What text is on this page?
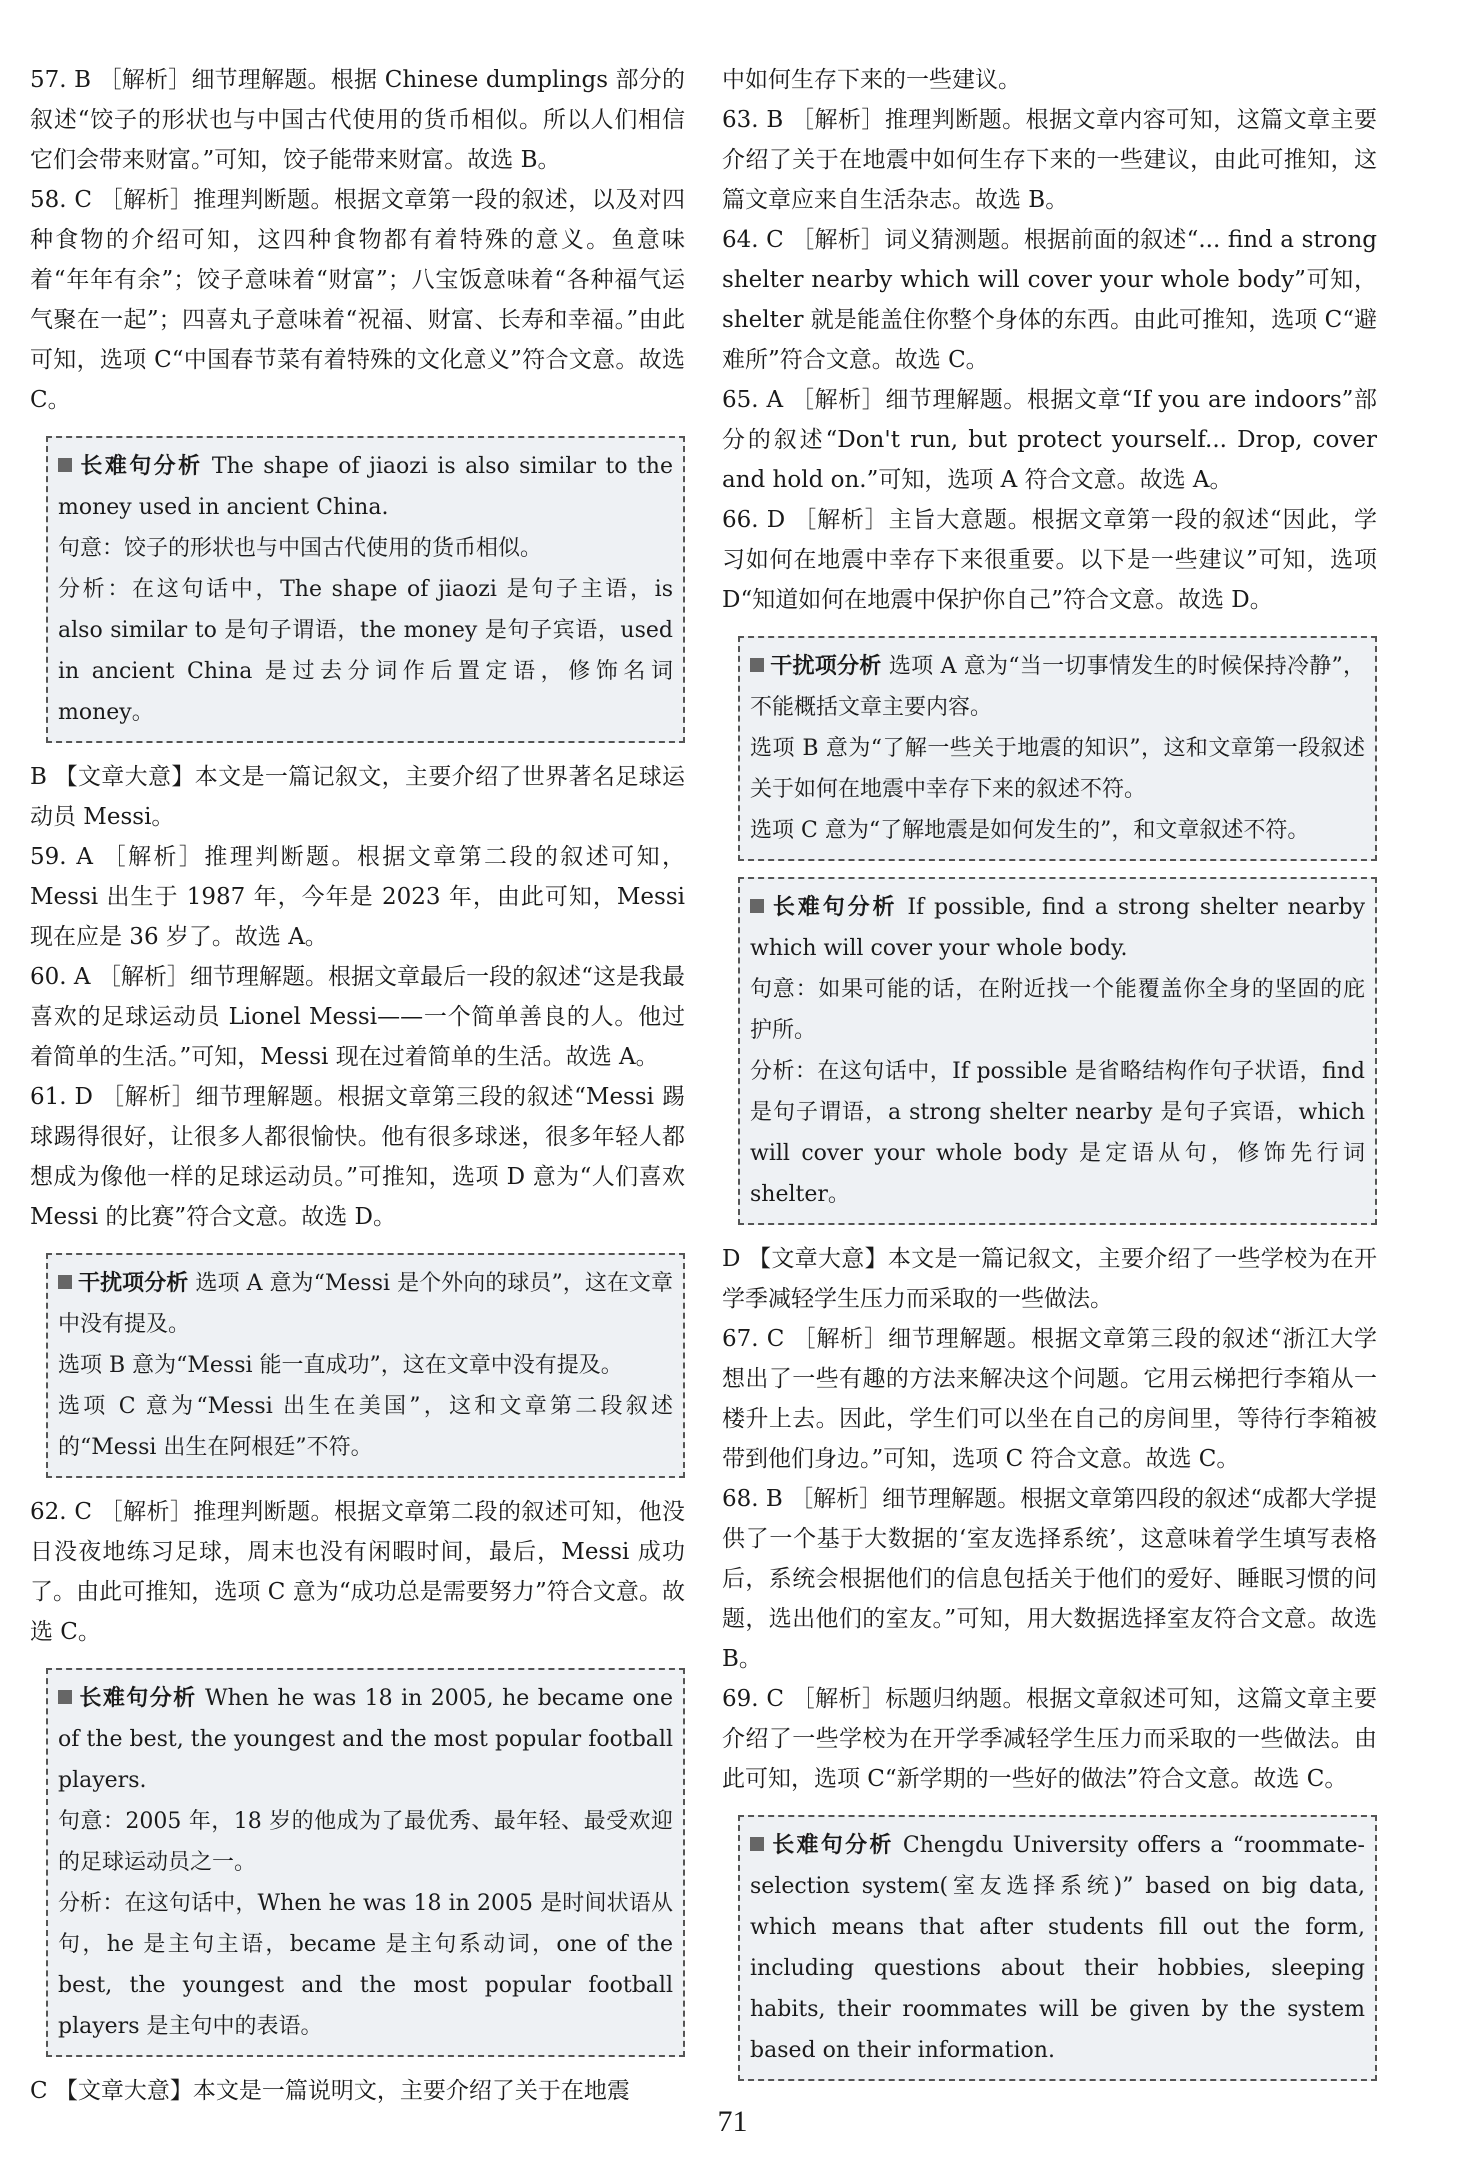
57. B ［解析］细节理解题。根据 Chinese dumplings 部分的叙述“饺子的形状也与中国古代使用的货币相似。所以人们相信它们会带来财富。”可知，饺子能带来财富。故选 B。

58. C ［解析］推理判断题。根据文章第一段的叙述，以及对四种食物的介绍可知，这四种食物都有着特殊的意义。鱼意味着“年年有余”；饺子意味着“财富”；八宝饭意味着“各种福气运气聚在一起”；四喜丸子意味着“祝福、财富、长寿和幸福。”由此可知，选项 C“中国春节菜有着特殊的文化意义”符合文意。故选 C。

长难句分析 The shape of jiaozi is also similar to the money used in ancient China.

句意：饺子的形状也与中国古代使用的货币相似。

分析：在这句话中，The shape of jiaozi 是句子主语，is also similar to 是句子谓语，the money 是句子宾语，used in ancient China 是过去分词作后置定语，修饰名词 money。

B 【文章大意】本文是一篇记叙文，主要介绍了世界著名足球运动员 Messi。

59. A ［解析］推理判断题。根据文章第二段的叙述可知，Messi 出生于 1987 年，今年是 2023 年，由此可知，Messi 现在应是 36 岁了。故选 A。

60. A ［解析］细节理解题。根据文章最后一段的叙述“这是我最喜欢的足球运动员 Lionel Messi——一个简单善良的人。他过着简单的生活。”可知，Messi 现在过着简单的生活。故选 A。

61. D ［解析］细节理解题。根据文章第三段的叙述“Messi 踢球踢得很好，让很多人都很愉快。他有很多球迷，很多年轻人都想成为像他一样的足球运动员。”可推知，选项 D 意为“人们喜欢 Messi 的比赛”符合文意。故选 D。

干扰项分析 选项 A 意为“Messi 是个外向的球员”，这在文章中没有提及。

选项 B 意为“Messi 能一直成功”，这在文章中没有提及。

选项 C 意为“Messi 出生在美国”，这和文章第二段叙述的“Messi 出生在阿根廷”不符。

62. C ［解析］推理判断题。根据文章第二段的叙述可知，他没日没夜地练习足球，周末也没有闲暇时间，最后，Messi 成功了。由此可推知，选项 C 意为“成功总是需要努力”符合文意。故选 C。

长难句分析 When he was 18 in 2005, he became one of the best, the youngest and the most popular football players.

句意：2005 年，18 岁的他成为了最优秀、最年轻、最受欢迎的足球运动员之一。

分析：在这句话中，When he was 18 in 2005 是时间状语从句，he 是主句主语，became 是主句系动词，one of the best, the youngest and the most popular football players 是主句中的表语。

C 【文章大意】本文是一篇说明文，主要介绍了关于在地震

中如何生存下来的一些建议。

63. B ［解析］推理判断题。根据文章内容可知，这篇文章主要介绍了关于在地震中如何生存下来的一些建议，由此可推知，这篇文章应来自生活杂志。故选 B。

64. C ［解析］词义猜测题。根据前面的叙述“... find a strong shelter nearby which will cover your whole body”可知，shelter 就是能盖住你整个身体的东西。由此可推知，选项 C“避难所”符合文意。故选 C。

65. A ［解析］细节理解题。根据文章“If you are indoors”部分的叙述“Don't run, but protect yourself... Drop, cover and hold on.”可知，选项 A 符合文意。故选 A。

66. D ［解析］主旨大意题。根据文章第一段的叙述“因此，学习如何在地震中幸存下来很重要。以下是一些建议”可知，选项 D“知道如何在地震中保护你自己”符合文意。故选 D。

干扰项分析 选项 A 意为“当一切事情发生的时候保持冷静”，不能概括文章主要内容。

选项 B 意为“了解一些关于地震的知识”，这和文章第一段叙述关于如何在地震中幸存下来的叙述不符。

选项 C 意为“了解地震是如何发生的”，和文章叙述不符。

长难句分析 If possible, find a strong shelter nearby which will cover your whole body.

句意：如果可能的话，在附近找一个能覆盖你全身的坚固的庇护所。

分析：在这句话中，If possible 是省略结构作句子状语，find 是句子谓语，a strong shelter nearby 是句子宾语，which will cover your whole body 是定语从句，修饰先行词 shelter。

D 【文章大意】本文是一篇记叙文，主要介绍了一些学校为在开学季减轻学生压力而采取的一些做法。

67. C ［解析］细节理解题。根据文章第三段的叙述“浙江大学想出了一些有趣的方法来解决这个问题。它用云梯把行李箱从一楼升上去。因此，学生们可以坐在自己的房间里，等待行李箱被带到他们身边。”可知，选项 C 符合文意。故选 C。

68. B ［解析］细节理解题。根据文章第四段的叙述“成都大学提供了一个基于大数据的‘室友选择系统’，这意味着学生填写表格后，系统会根据他们的信息包括关于他们的爱好、睡眠习惯的问题，选出他们的室友。”可知，用大数据选择室友符合文意。故选 B。

69. C ［解析］标题归纳题。根据文章叙述可知，这篇文章主要介绍了一些学校为在开学季减轻学生压力而采取的一些做法。由此可知，选项 C“新学期的一些好的做法”符合文意。故选 C。

长难句分析 Chengdu University offers a “roommate-selection system(室友选择系统)” based on big data, which means that after students fill out the form, including questions about their hobbies, sleeping habits, their roommates will be given by the system based on their information.

71
